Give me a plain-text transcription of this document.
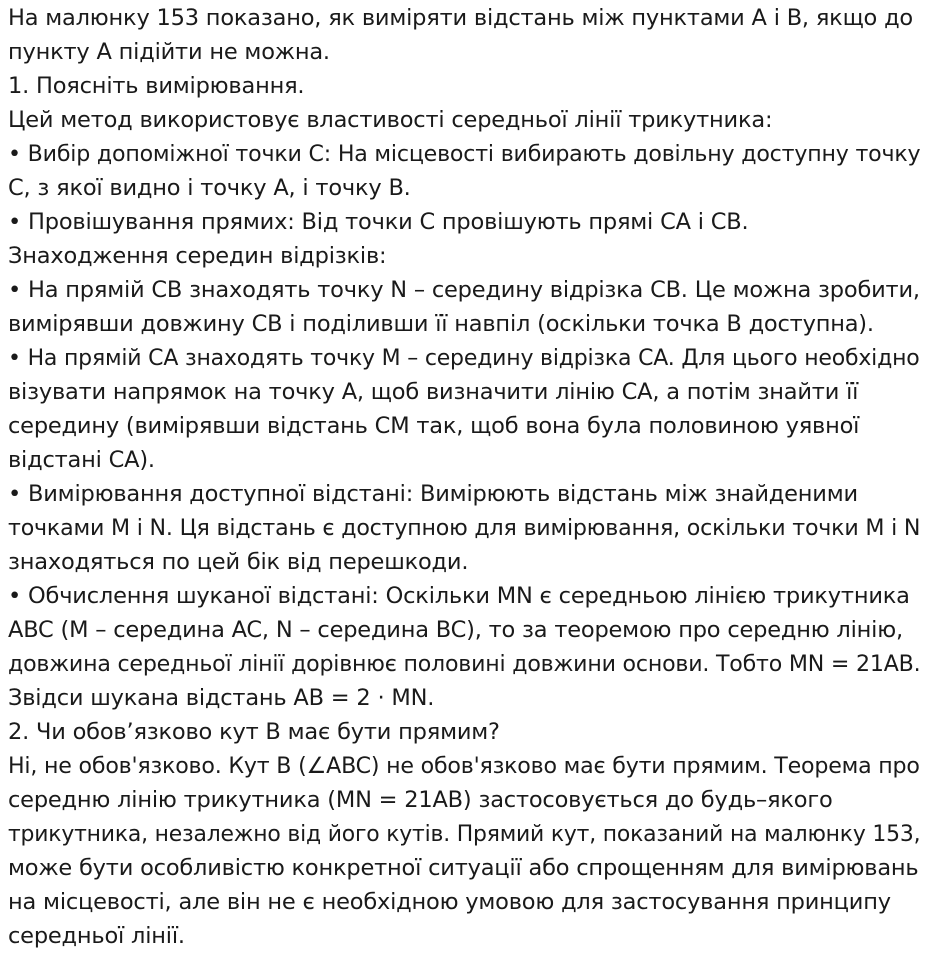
На малюнку 153 показано, як виміряти відстань між пунктами A і B, якщо до
пункту A підійти не можна.
1. Поясніть вимірювання.
Цей метод використовує властивості середньої лінії трикутника:
• Вибір допоміжної точки C: На місцевості вибирають довільну доступну точку
C, з якої видно і точку A, і точку B.
• Провішування прямих: Від точки C провішують прямі CA і CB.
Знаходження середин відрізків:
• На прямій CB знаходять точку N – середину відрізка CB. Це можна зробити,
вимірявши довжину CB і поділивши її навпіл (оскільки точка B доступна).
• На прямій CA знаходять точку M – середину відрізка CA. Для цього необхідно
візувати напрямок на точку A, щоб визначити лінію CA, а потім знайти її
середину (вимірявши відстань CM так, щоб вона була половиною уявної
відстані CA).
• Вимірювання доступної відстані: Вимірюють відстань між знайденими
точками M і N. Ця відстань є доступною для вимірювання, оскільки точки M і N
знаходяться по цей бік від перешкоди.
• Обчислення шуканої відстані: Оскільки MN є середньою лінією трикутника
ABC (M – середина AC, N – середина BC), то за теоремою про середню лінію,
довжина середньої лінії дорівнює половині довжини основи. Тобто MN = 21AB.
Звідси шукана відстань AB = 2 ⋅ MN.
2. Чи обов’язково кут B має бути прямим?
Ні, не обов'язково. Кут B (∠ABC) не обов'язково має бути прямим. Теорема про
середню лінію трикутника (MN = 21AB) застосовується до будь–якого
трикутника, незалежно від його кутів. Прямий кут, показаний на малюнку 153,
може бути особливістю конкретної ситуації або спрощенням для вимірювань
на місцевості, але він не є необхідною умовою для застосування принципу
середньої лінії.
